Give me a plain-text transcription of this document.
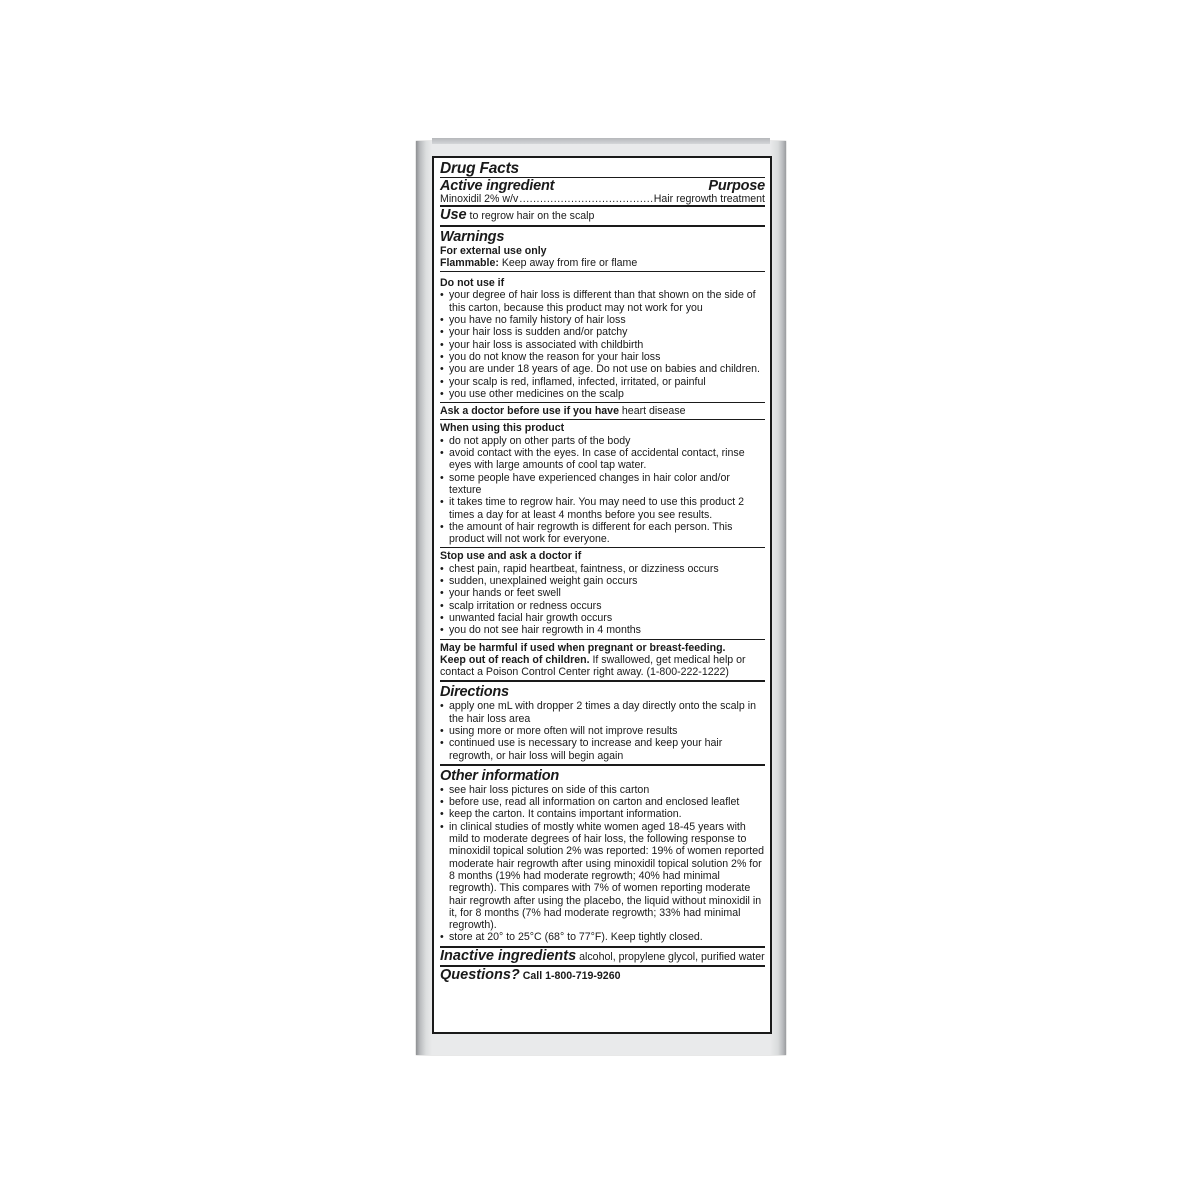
Drug Facts
Active ingredient	Purpose
Minoxidil 2% w/v
.....	Hair regrowth treatment
Use to regrow hair on the scalp
Warnings
For external use only
Flammable: Keep away from fire or flame
Do not use if
• your degree of hair loss is different than that shown on the side of this carton, because this product may not work for you
• you have no family history of hair loss
• your hair loss is sudden and/or patchy
• your hair loss is associated with childbirth
• you do not know the reason for your hair loss
• you are under 18 years of age. Do not use on babies and children.
• your scalp is red, inflamed, infected, irritated, or painful
• you use other medicines on the scalp
Ask a doctor before use if you have heart disease
When using this product
• do not apply on other parts of the body
• avoid contact with the eyes. In case of accidental contact, rinse eyes with large amounts of cool tap water.
• some people have experienced changes in hair color and/or texture
• it takes time to regrow hair. You may need to use this product 2 times a day for at least 4 months before you see results.
• the amount of hair regrowth is different for each person. This product will not work for everyone.
Stop use and ask a doctor if
• chest pain, rapid heartbeat, faintness, or dizziness occurs
• sudden, unexplained weight gain occurs
• your hands or feet swell
• scalp irritation or redness occurs
• unwanted facial hair growth occurs
• you do not see hair regrowth in 4 months
May be harmful if used when pregnant or breast-feeding.
Keep out of reach of children. If swallowed, get medical help or contact a Poison Control Center right away. (1-800-222-1222)
Directions
• apply one mL with dropper 2 times a day directly onto the scalp in the hair loss area
• using more or more often will not improve results
• continued use is necessary to increase and keep your hair regrowth, or hair loss will begin again
Other information
• see hair loss pictures on side of this carton
• before use, read all information on carton and enclosed leaflet
• keep the carton. It contains important information.
• in clinical studies of mostly white women aged 18-45 years with mild to moderate degrees of hair loss, the following response to minoxidil topical solution 2% was reported: 19% of women reported moderate hair regrowth after using minoxidil topical solution 2% for 8 months (19% had moderate regrowth; 40% had minimal regrowth). This compares with 7% of women reporting moderate hair regrowth after using the placebo, the liquid without minoxidil in it, for 8 months (7% had moderate regrowth; 33% had minimal regrowth).
• store at 20° to 25°C (68° to 77°F). Keep tightly closed.
Inactive ingredients alcohol, propylene glycol, purified water
Questions? Call 1-800-719-9260
